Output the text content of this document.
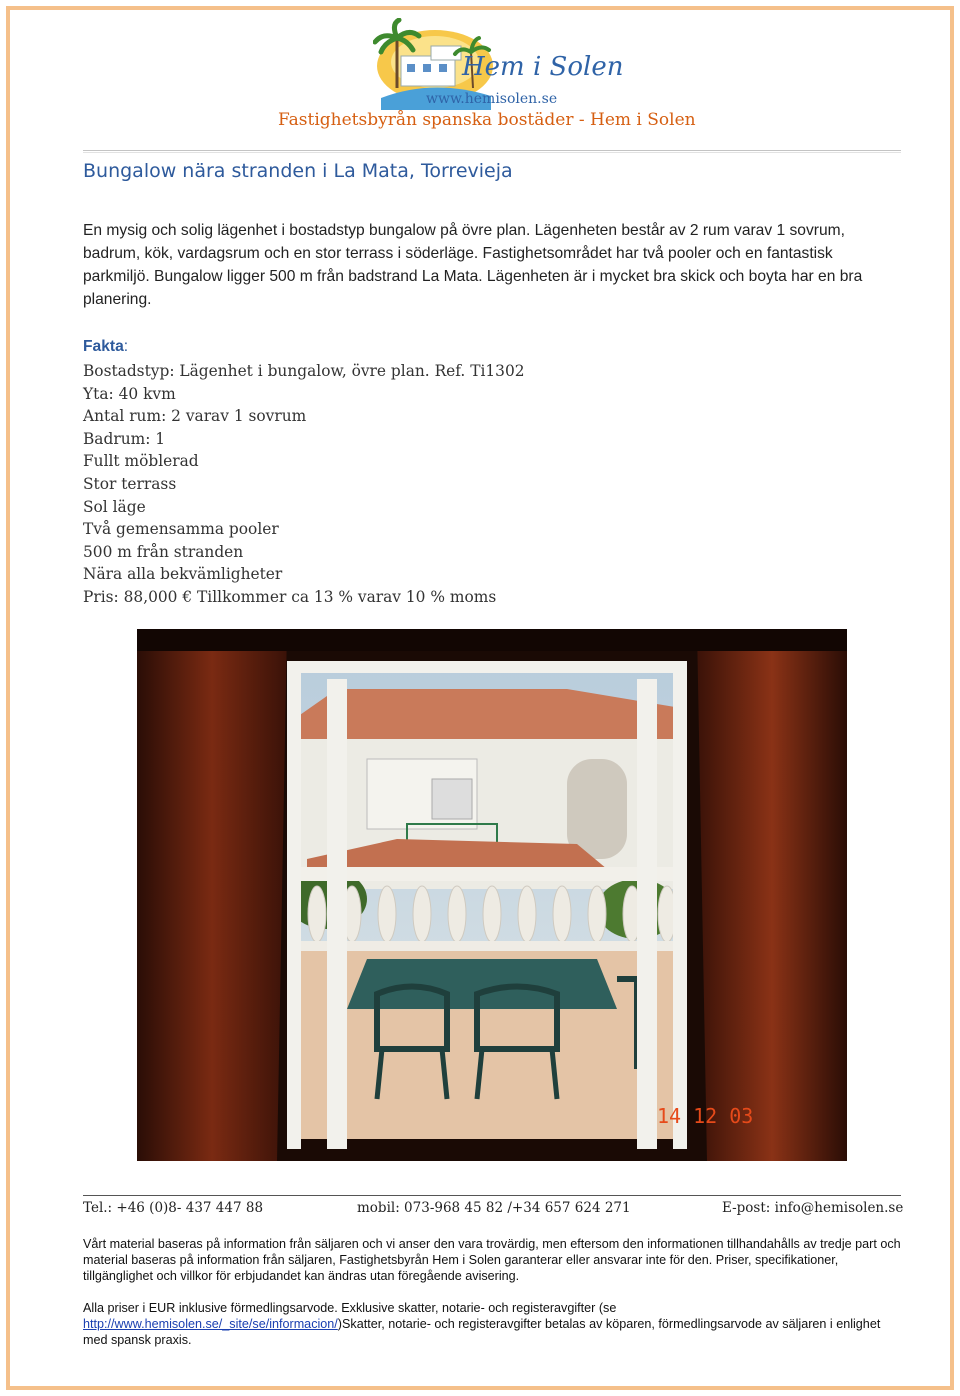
Hem i Solen
www.hemisolen.se
Fastighetsbyrån spanska bostäder - Hem i Solen
Bungalow nära stranden i La Mata, Torrevieja
En mysig och solig lägenhet i bostadstyp bungalow på övre plan. Lägenheten består av 2 rum varav 1 sovrum, badrum, kök, vardagsrum och en stor terrass i söderläge. Fastighetsområdet har två pooler och en fantastisk parkmiljö. Bungalow ligger 500 m från badstrand La Mata. Lägenheten är i mycket bra skick och boyta har en bra planering.
Fakta:
Bostadstyp: Lägenhet i bungalow, övre plan. Ref. Ti1302
Yta: 40 kvm
Antal rum: 2 varav 1 sovrum
Badrum: 1
Fullt möblerad
Stor terrass
Sol läge
Två gemensamma pooler
500 m från stranden
Nära alla bekvämligheter
Pris: 88,000 € Tillkommer ca 13 % varav 10 % moms
14 12 03
Tel.: +46 (0)8- 437 447 88	mobil: 073-968 45 82 /+34 657 624 271	E-post: info@hemisolen.se
Vårt material baseras på information från säljaren och vi anser den vara trovärdig, men eftersom den informationen tillhandahålls av tredje part och material baseras på information från säljaren, Fastighetsbyrån Hem i Solen garanterar eller ansvarar inte för den. Priser, specifikationer, tillgänglighet och villkor för erbjudandet kan ändras utan föregående avisering.
Alla priser i EUR inklusive förmedlingsarvode. Exklusive skatter, notarie- och registeravgifter (se
http://www.hemisolen.se/_site/se/informacion/)Skatter, notarie- och registeravgifter betalas av köparen, förmedlingsarvode av säljaren i enlighet med spansk praxis.
